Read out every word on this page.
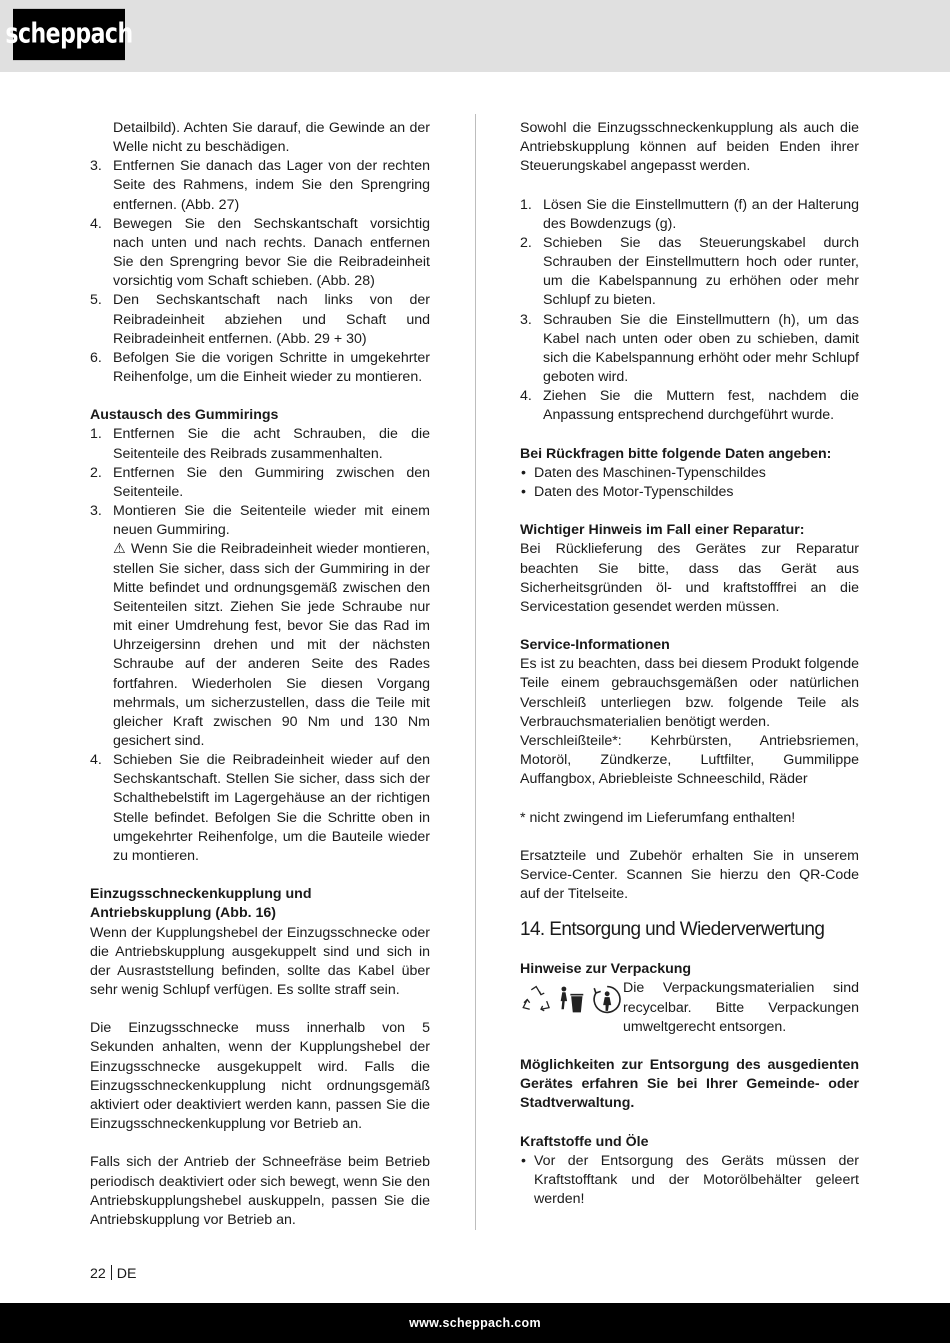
scheppach
Detailbild). Achten Sie darauf, die Gewinde an der Welle nicht zu beschädigen.
3. Entfernen Sie danach das Lager von der rechten Seite des Rahmens, indem Sie den Sprengring entfernen. (Abb. 27)
4. Bewegen Sie den Sechskantschaft vorsichtig nach unten und nach rechts. Danach entfernen Sie den Sprengring bevor Sie die Reibradeinheit vorsichtig vom Schaft schieben. (Abb. 28)
5. Den Sechskantschaft nach links von der Reibradeinheit abziehen und Schaft und Reibradeinheit entfernen. (Abb. 29 + 30)
6. Befolgen Sie die vorigen Schritte in umgekehrter Reihenfolge, um die Einheit wieder zu montieren.

Austausch des Gummirings

1. Entfernen Sie die acht Schrauben, die die Seitenteile des Reibrads zusammenhalten.
2. Entfernen Sie den Gummiring zwischen den Seitenteile.
3. Montieren Sie die Seitenteile wieder mit einem neuen Gummiring.
⚠ Wenn Sie die Reibradeinheit wieder montieren, stellen Sie sicher, dass sich der Gummiring in der Mitte befindet und ordnungsgemäß zwischen den Seitenteilen sitzt. Ziehen Sie jede Schraube nur mit einer Umdrehung fest, bevor Sie das Rad im Uhrzeigersinn drehen und mit der nächsten Schraube auf der anderen Seite des Rades fortfahren. Wiederholen Sie diesen Vorgang mehrmals, um sicherzustellen, dass die Teile mit gleicher Kraft zwischen 90 Nm und 130 Nm gesichert sind.
4. Schieben Sie die Reibradeinheit wieder auf den Sechskantschaft. Stellen Sie sicher, dass sich der Schalthebelstift im Lagergehäuse an der richtigen Stelle befindet. Befolgen Sie die Schritte oben in umgekehrter Reihenfolge, um die Bauteile wieder zu montieren.

Einzugsschneckenkupplung und

Antriebskupplung (Abb. 16)

Wenn der Kupplungshebel der Einzugsschnecke oder die Antriebskupplung ausgekuppelt sind und sich in der Ausraststellung befinden, sollte das Kabel über sehr wenig Schlupf verfügen. Es sollte straff sein.

Die Einzugsschnecke muss innerhalb von 5 Sekunden anhalten, wenn der Kupplungshebel der Einzugsschnecke ausgekuppelt wird. Falls die Einzugsschneckenkupplung nicht ordnungsgemäß aktiviert oder deaktiviert werden kann, passen Sie die Einzugsschneckenkupplung vor Betrieb an.

Falls sich der Antrieb der Schneefräse beim Betrieb periodisch deaktiviert oder sich bewegt, wenn Sie den Antriebskupplungshebel auskuppeln, passen Sie die Antriebskupplung vor Betrieb an.

Sowohl die Einzugsschneckenkupplung als auch die Antriebskupplung können auf beiden Enden ihrer Steuerungskabel angepasst werden.

1. Lösen Sie die Einstellmuttern (f) an der Halterung des Bowdenzugs (g).
2. Schieben Sie das Steuerungskabel durch Schrauben der Einstellmuttern hoch oder runter, um die Kabelspannung zu erhöhen oder mehr Schlupf zu bieten.
3. Schrauben Sie die Einstellmuttern (h), um das Kabel nach unten oder oben zu schieben, damit sich die Kabelspannung erhöht oder mehr Schlupf geboten wird.
4. Ziehen Sie die Muttern fest, nachdem die Anpassung entsprechend durchgeführt wurde.

Bei Rückfragen bitte folgende Daten angeben:

• Daten des Maschinen-Typenschildes
• Daten des Motor-Typenschildes

Wichtiger Hinweis im Fall einer Reparatur:

Bei Rücklieferung des Gerätes zur Reparatur beachten Sie bitte, dass das Gerät aus Sicherheitsgründen öl- und kraftstofffrei an die Servicestation gesendet werden müssen.

Service-Informationen

Es ist zu beachten, dass bei diesem Produkt folgende Teile einem gebrauchsgemäßen oder natürlichen Verschleiß unterliegen bzw. folgende Teile als Verbrauchsmaterialien benötigt werden.

Verschleißteile*: Kehrbürsten, Antriebsriemen, Motoröl, Zündkerze, Luftfilter, Gummilippe Auffangbox, Abriebleiste Schneeschild, Räder

* nicht zwingend im Lieferumfang enthalten!

Ersatzteile und Zubehör erhalten Sie in unserem Service-Center. Scannen Sie hierzu den QR-Code auf der Titelseite.

14. Entsorgung und Wiederverwertung

Hinweise zur Verpackung

Die Verpackungsmaterialien sind recycelbar. Bitte Verpackungen umweltgerecht entsorgen.

Möglichkeiten zur Entsorgung des ausgedienten Gerätes erfahren Sie bei Ihrer Gemeinde- oder Stadtverwaltung.

Kraftstoffe und Öle

• Vor der Entsorgung des Geräts müssen der Kraftstofftank und der Motorölbehälter geleert werden!
22 DE
www.scheppach.com
